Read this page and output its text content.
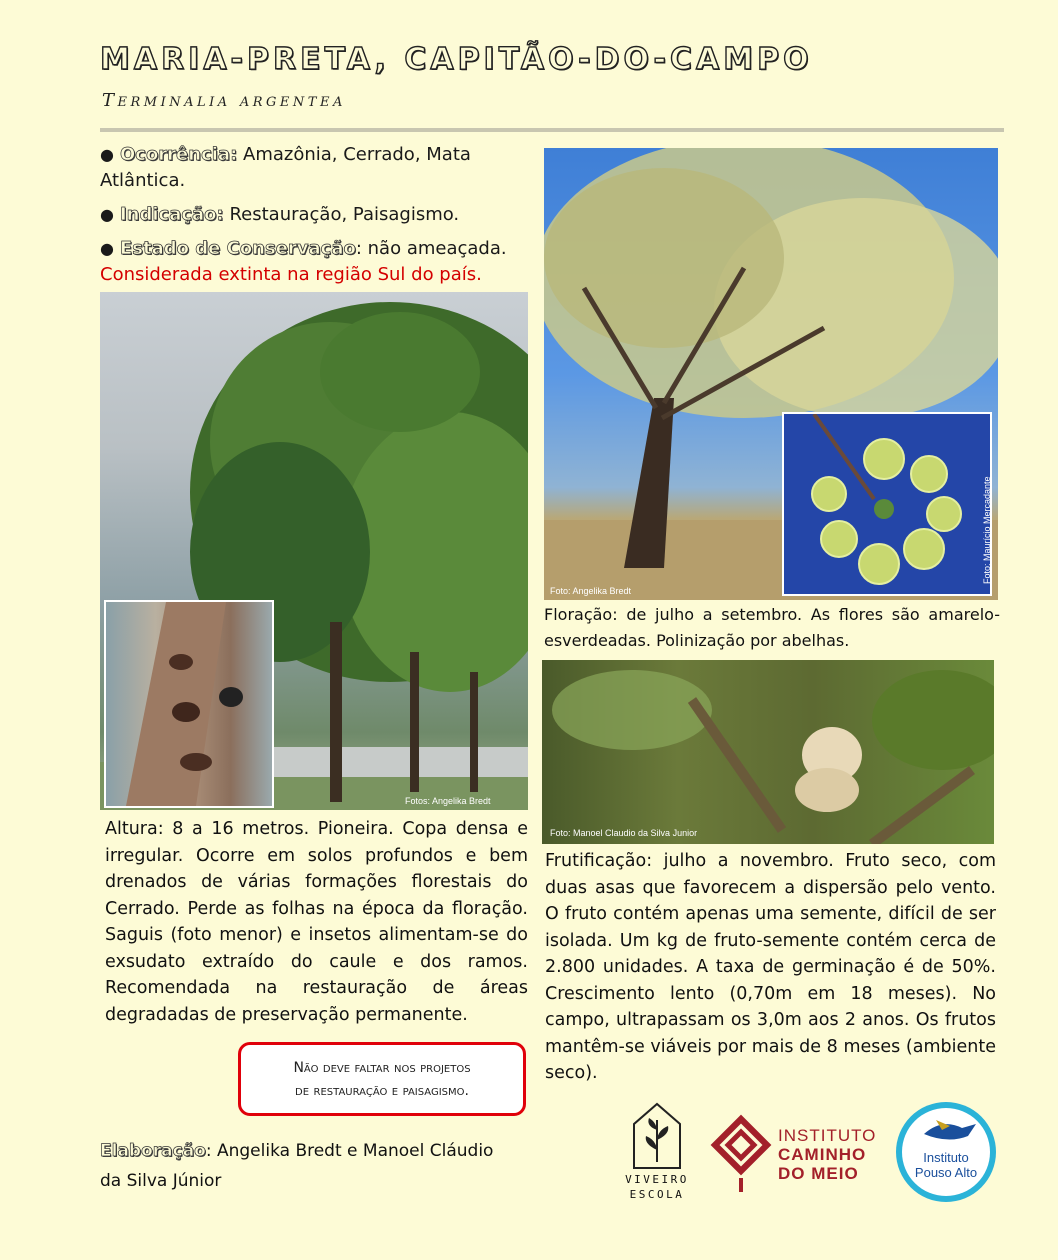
MARIA-PRETA, CAPITÃO-DO-CAMPO
Terminalia argentea
● Ocorrência: Amazônia, Cerrado, Mata Atlântica.
● Indicação: Restauração, Paisagismo.
● Estado de Conservação: não ameaçada.
Considerada extinta na região Sul do país.
Fotos: Angelika Bredt
Foto: Maurício Mercadante
Foto: Angelika Bredt
Floração: de julho a setembro. As flores são amarelo-esverdeadas. Polinização por abelhas.
Foto: Manoel Claudio da Silva Junior
Altura: 8 a 16 metros. Pioneira. Copa densa e irregular. Ocorre em solos profundos e bem drenados de várias formações florestais do Cerrado. Perde as folhas na época da floração. Saguis (foto menor) e insetos alimentam-se do exsudato extraído do caule e dos ramos. Recomendada na restauração de áreas degradadas de preservação permanente.
Frutificação: julho a novembro. Fruto seco, com duas asas que favorecem a dispersão pelo vento. O fruto contém apenas uma semente, difícil de ser isolada. Um kg de fruto-semente contém cerca de 2.800 unidades. A taxa de germinação é de 50%. Crescimento lento (0,70m em 18 meses). No campo, ultrapassam os 3,0m aos 2 anos. Os frutos mantêm-se viáveis por mais de 8 meses (ambiente seco).
Não deve faltar nos projetos
de restauração e paisagismo.
Elaboração: Angelika Bredt e Manoel Cláudio da Silva Júnior	VIVEIRO
ESCOLA
INSTITUTO
CAMINHO
DO MEIO
Instituto
Pouso Alto
